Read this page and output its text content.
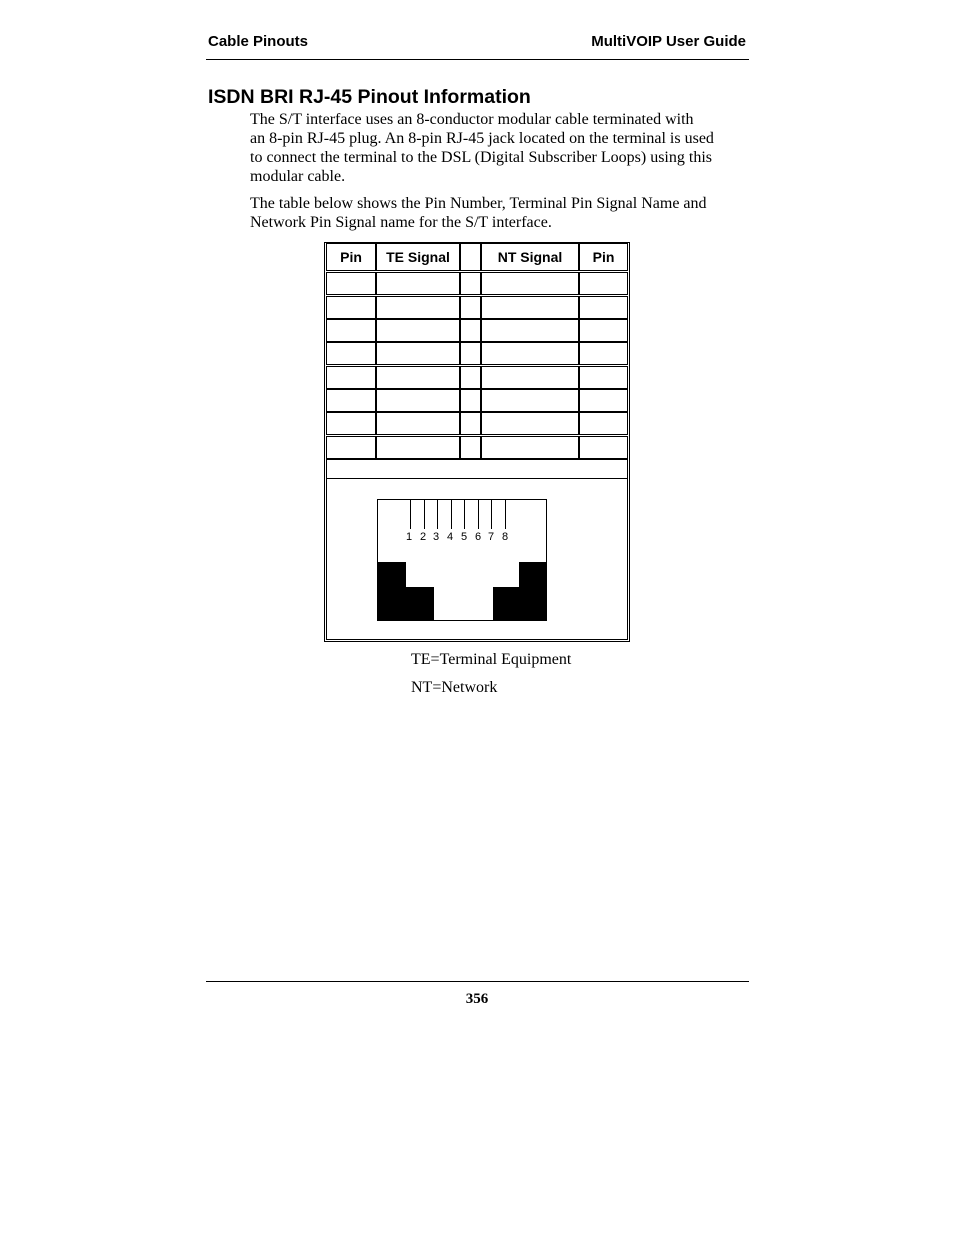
Cable Pinouts	MultiVOIP User Guide
ISDN BRI RJ-45 Pinout Information
The S/T interface uses an 8-conductor modular cable terminated with
an 8-pin RJ-45 plug. An 8-pin RJ-45 jack located on the terminal is used
to connect the terminal to the DSL (Digital Subscriber Loops) using this
modular cable.
The table below shows the Pin Number, Terminal Pin Signal Name and
Network Pin Signal name for the S/T interface.
Pin	TE Signal	NT Signal	Pin
1 2 3 4 5 6 7 8
TE=Terminal Equipment
NT=Network
356
